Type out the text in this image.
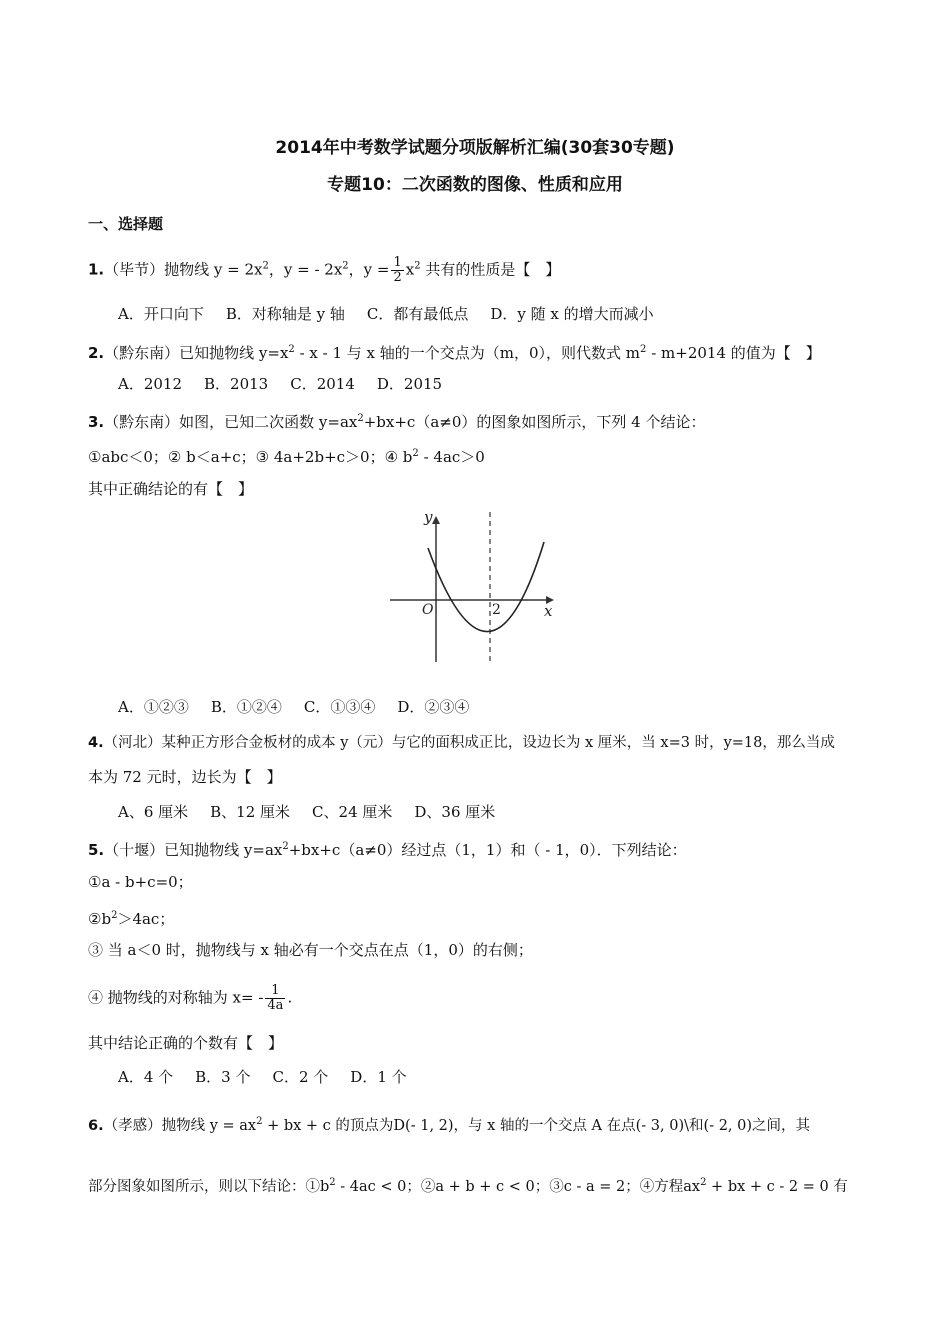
2014年中考数学试题分项版解析汇编(30套30专题)
专题10：二次函数的图像、性质和应用
一、选择题
1.（毕节）抛物线 $y = 2x^2$，y = - $2x^2$，$y = \frac{1}{2} x^2$ 共有的性质是【　】
A．开口向下 B．对称轴是 y 轴 C．都有最低点 D．y 随 x 的增大而减小
2.（黔东南）已知抛物线 $y=x^2 - x - 1$ 与 x 轴的一个交点为（m，0），则代数式 $m^2 - m+2014$ 的值为【　】
A．2012 B．2013 C．2014 D．2015
3.（黔东南）如图，已知二次函数 $y=ax^2+bx+c(a\ne 0)$的图象如图所示，下列 4 个结论：
①abc＜0；② b＜a+c；③ 4a+2b+c＞0；④ $b^2 - 4ac>0$
其中正确结论的有【　】
y
x
O	2
A．①②③ B．①②④ C．①③④ D．②③④
4.（河北）某种正方形合金板材的成本 y（元）与它的面积成正比，设边长为 x 厘米，当 x=3 时，y=18，那么当成
本为 72 元时，边长为【　】
A、6 厘米 B、12 厘米 C、24 厘米 D、36 厘米
5.（十堰）已知抛物线 $y=ax^2+bx+c(a\ne 0)$经过点（1，1）和（ - 1，0）．下列结论：
①a - b+c=0；
$②b^2>4ac$；
③ 当 a＜0 时，抛物线与 x 轴必有一个交点在点（1，0）的右侧；
④ 抛物线的对称轴为 $x= - \frac{1}{4a}$ .
其中结论正确的个数有【　】
A．4 个 B．3 个 C．2 个 D．1 个
6.（孝感）抛物线 $y = ax^2$ + bx + c 的顶点为D(- 1, 2)，与 x 轴的一个交点 A 在点(- 3, 0)\和(- 2, 0)之间，其
部分图象如图所示，则以下结论：$①b^2 - 4ac < 0$；②a + b + c < 0；③c - a = 2；④方程$ax^2$ + bx + c - 2 = 0 有
